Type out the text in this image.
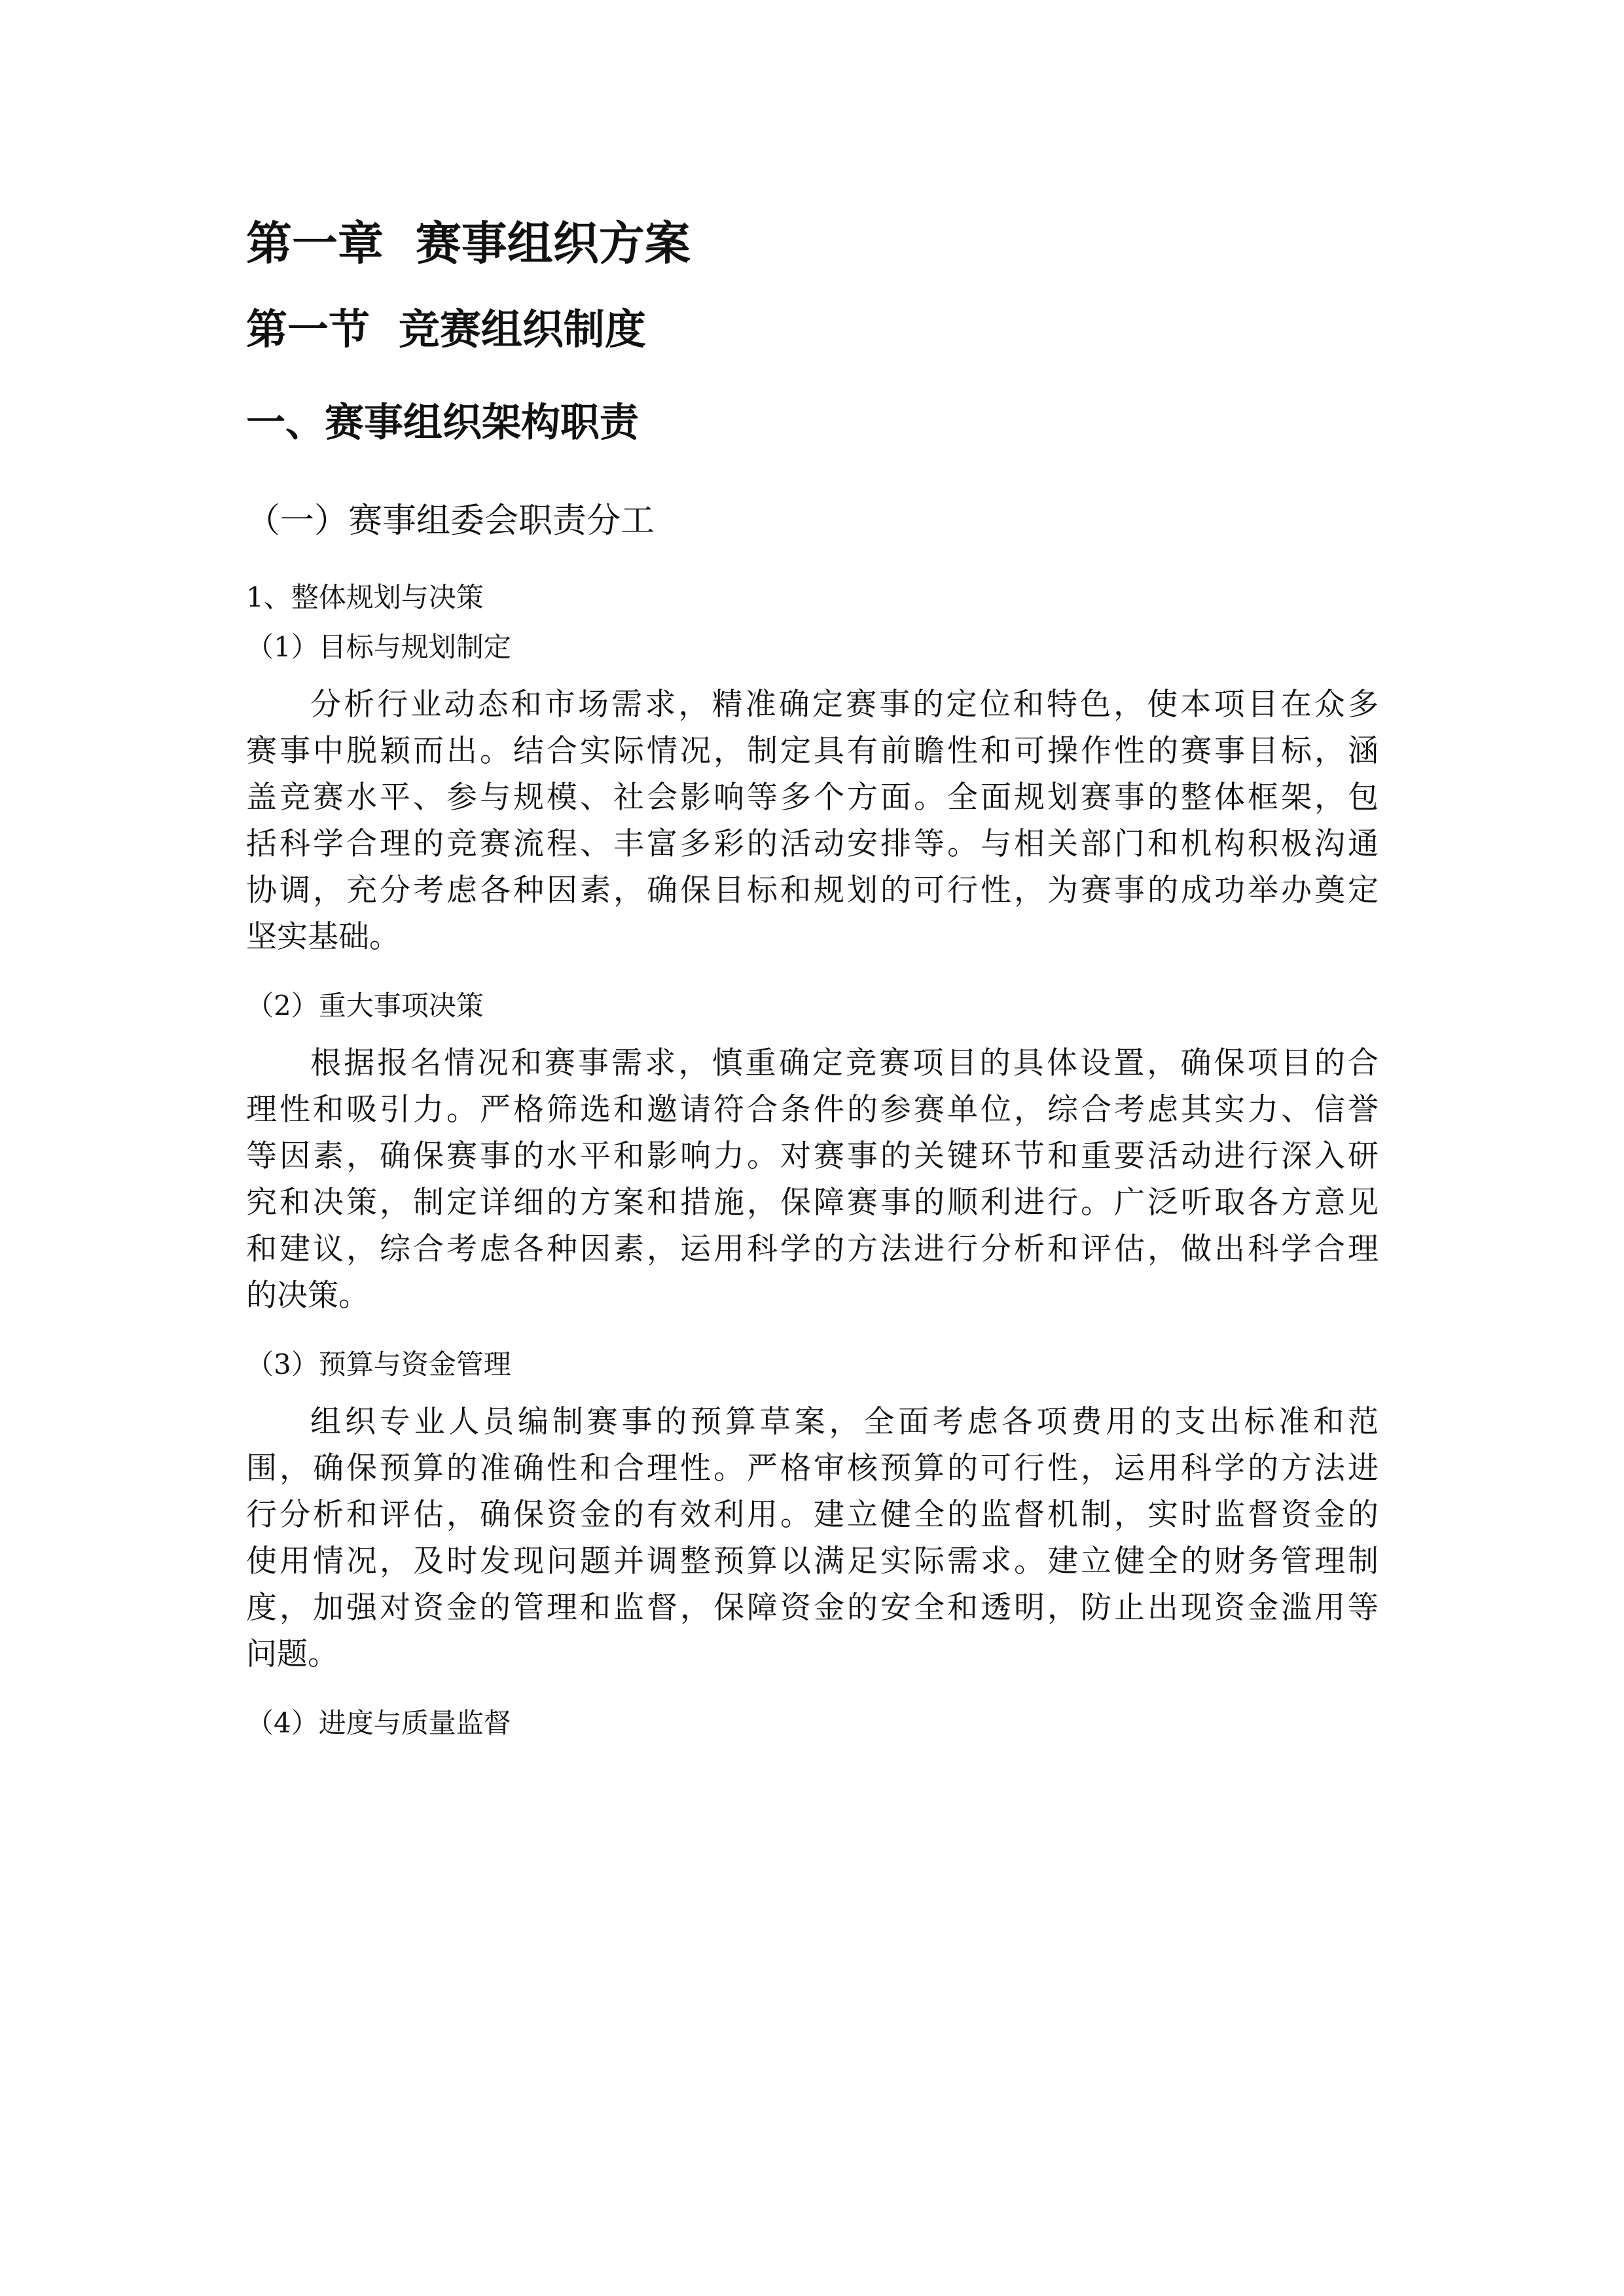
第一章  赛事组织方案
第一节  竞赛组织制度
一、赛事组织架构职责
（一）赛事组委会职责分工
1、整体规划与决策
（1）目标与规划制定
分析行业动态和市场需求，精准确定赛事的定位和特色，使本项目在众多
赛事中脱颖而出。结合实际情况，制定具有前瞻性和可操作性的赛事目标，涵
盖竞赛水平、参与规模、社会影响等多个方面。全面规划赛事的整体框架，包
括科学合理的竞赛流程、丰富多彩的活动安排等。与相关部门和机构积极沟通
协调，充分考虑各种因素，确保目标和规划的可行性，为赛事的成功举办奠定
坚实基础。
（2）重大事项决策
根据报名情况和赛事需求，慎重确定竞赛项目的具体设置，确保项目的合
理性和吸引力。严格筛选和邀请符合条件的参赛单位，综合考虑其实力、信誉
等因素，确保赛事的水平和影响力。对赛事的关键环节和重要活动进行深入研
究和决策，制定详细的方案和措施，保障赛事的顺利进行。广泛听取各方意见
和建议，综合考虑各种因素，运用科学的方法进行分析和评估，做出科学合理
的决策。
（3）预算与资金管理
组织专业人员编制赛事的预算草案，全面考虑各项费用的支出标准和范
围，确保预算的准确性和合理性。严格审核预算的可行性，运用科学的方法进
行分析和评估，确保资金的有效利用。建立健全的监督机制，实时监督资金的
使用情况，及时发现问题并调整预算以满足实际需求。建立健全的财务管理制
度，加强对资金的管理和监督，保障资金的安全和透明，防止出现资金滥用等
问题。
（4）进度与质量监督
